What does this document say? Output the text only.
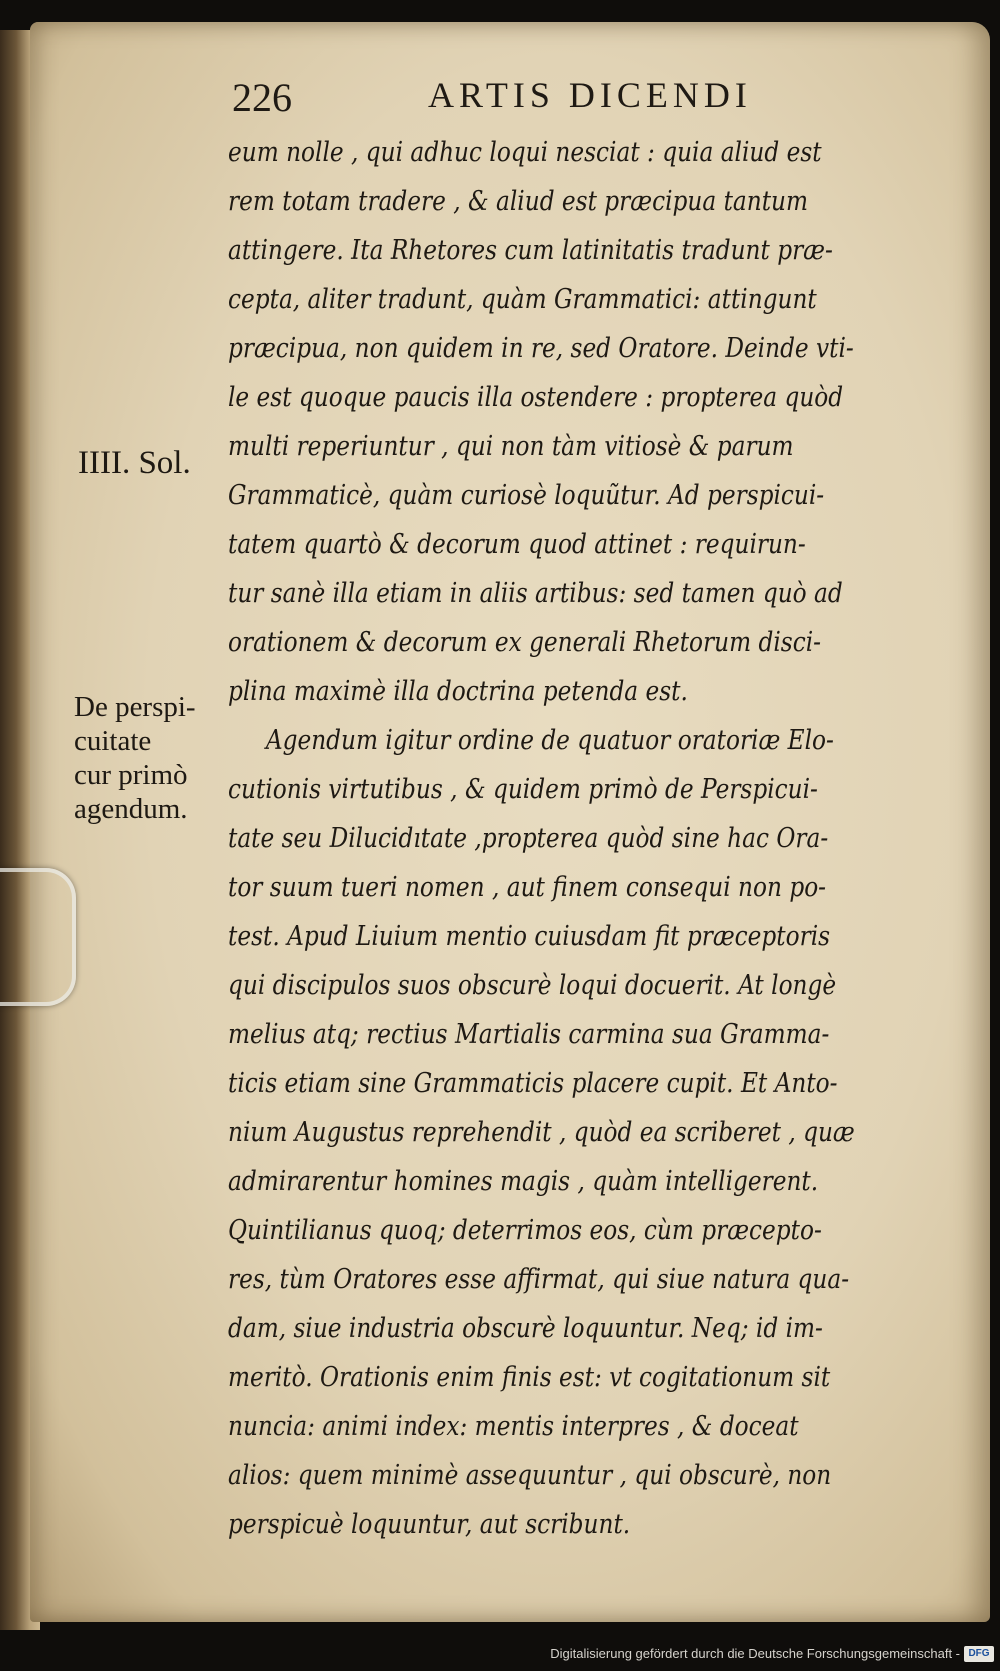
226	ARTIS DICENDI

eum nolle , qui adhuc loqui nesciat : quia aliud est
rem totam tradere , & aliud est præcipua tantum
attingere. Ita Rhetores cum latinitatis tradunt præ-
cepta, aliter tradunt, quàm Grammatici: attingunt
præcipua, non quidem in re, sed Oratore. Deinde vti-
le est quoque paucis illa ostendere : propterea quòd
multi reperiuntur , qui non tàm vitiosè & parum
Grammaticè, quàm curiosè loquũtur. Ad perspicui-
tatem quartò & decorum quod attinet : requirun-
tur sanè illa etiam in aliis artibus: sed tamen quò ad
orationem & decorum ex generali Rhetorum disci-
plina maximè illa doctrina petenda est.
Agendum igitur ordine de quatuor oratoriæ Elo-
cutionis virtutibus , & quidem primò de Perspicui-
tate seu Dilucidıtate ,propterea quòd sine hac Ora-
tor suum tueri nomen , aut finem consequi non po-
test. Apud Liuium mentio cuiusdam fit præceptoris
qui discipulos suos obscurè loqui docuerit. At longè
melius atq; rectius Martialis carmina sua Gramma-
ticis etiam sine Grammaticis placere cupit. Et Anto-
nium Augustus reprehendit , quòd ea scriberet , quæ
admirarentur homines magis , quàm intelligerent.
Quintilianus quoq; deterrimos eos, cùm præcepto-
res, tùm Oratores esse affirmat, qui siue natura qua-
dam, siue industria obscurè loquuntur. Neq; id im-
meritò. Orationis enim finis est: vt cogitationum sit
nuncia: animi index: mentis interpres , & doceat
alios: quem minimè assequuntur , qui obscurè, non
perspicuè loquuntur, aut scribunt.

IIII. Sol.

De perspi-
cuitate
cur primò
agendum.

Digitalisierung gefördert durch die Deutsche Forschungsgemeinschaft - DFG
